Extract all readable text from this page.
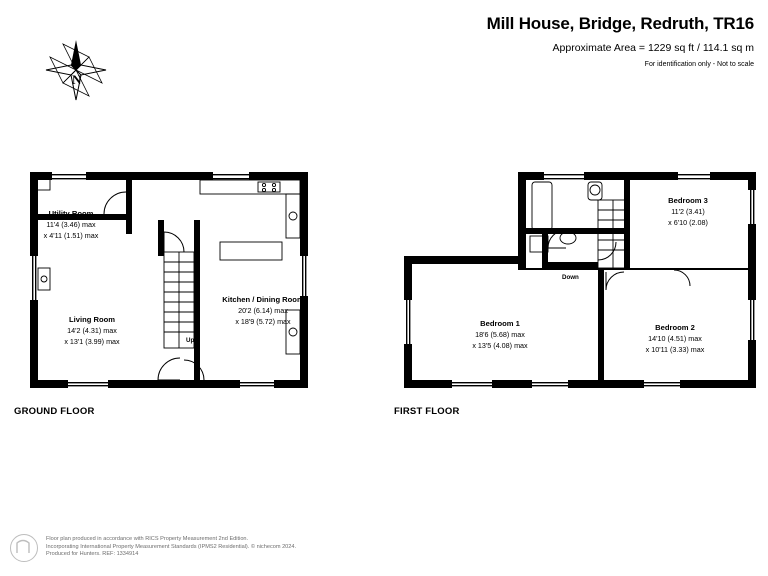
Mill House, Bridge, Redruth, TR16
Approximate Area = 1229 sq ft / 114.1 sq m
For identification only - Not to scale
N
Utility Room
11'4 (3.46) max
x 4'11 (1.51) max
Living Room
14'2 (4.31) max
x 13'1 (3.99) max
Kitchen / Dining Room
20'2 (6.14) max
x 18'9 (5.72) max
Up
GROUND FLOOR
Bedroom 3
11'2 (3.41)
x 6'10 (2.08)
Bedroom 1
18'6 (5.68) max
x 13'5 (4.08) max
Bedroom 2
14'10 (4.51) max
x 10'11 (3.33) max
Down
FIRST FLOOR
Floor plan produced in accordance with RICS Property Measurement 2nd Edition.
Incorporating International Property Measurement Standards (IPMS2 Residential). © nichecom 2024.
Produced for Hunters. REF: 1334914
